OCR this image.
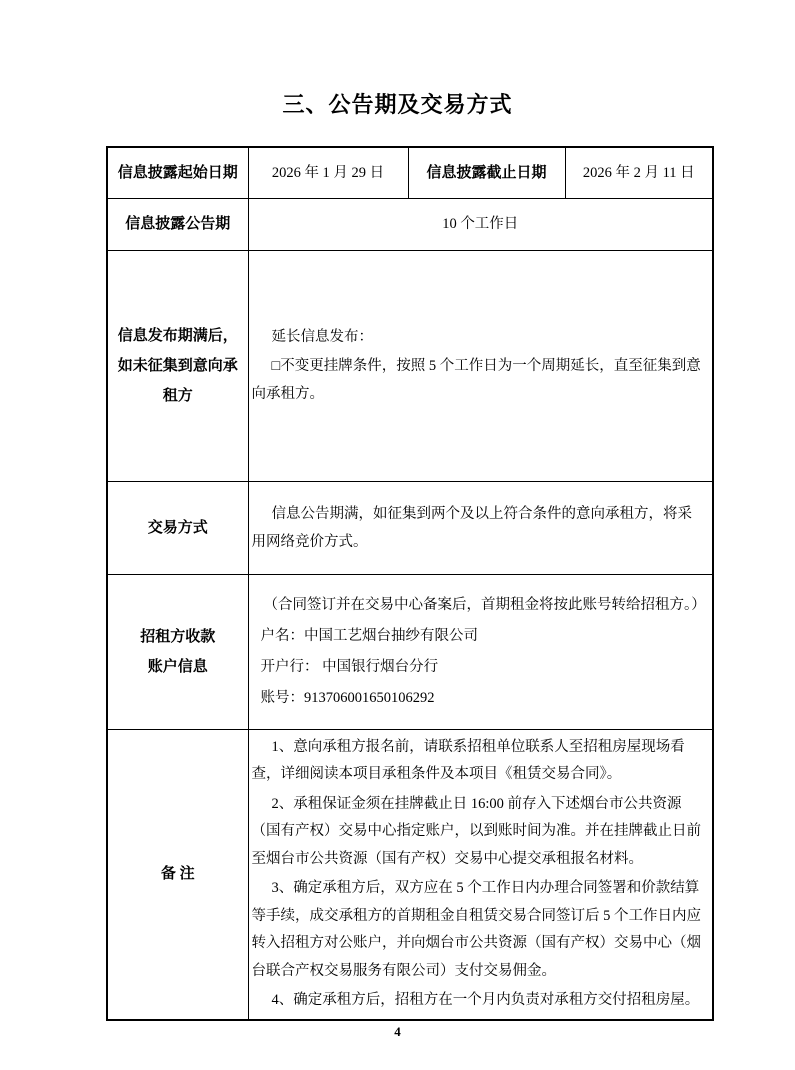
三、公告期及交易方式
信息披露起始日期	2026 年 1 月 29 日	信息披露截止日期	2026 年 2 月 11 日
信息披露公告期	10 个工作日		
信息发布期满后，如未征集到意向承租方	延长信息发布：

□不变更挂牌条件，按照 5 个工作日为一个周期延长，直至征集到意向承租方。		

交易方式	信息公告期满，如征集到两个及以上符合条件的意向承租方，将采用网络竞价方式。		

招租方收款
账户信息

（合同签订并在交易中心备案后，首期租金将按此账号转给招租方。）

户名：中国工艺烟台抽纱有限公司

开户行： 中国银行烟台分行

账号：913706001650106292

备 注	1、意向承租方报名前，请联系招租单位联系人至招租房屋现场看查，详细阅读本项目承租条件及本项目《租赁交易合同》。

2、承租保证金须在挂牌截止日 16:00 前存入下述烟台市公共资源（国有产权）交易中心指定账户，以到账时间为准。并在挂牌截止日前至烟台市公共资源（国有产权）交易中心提交承租报名材料。

3、确定承租方后，双方应在 5 个工作日内办理合同签署和价款结算等手续，成交承租方的首期租金自租赁交易合同签订后 5 个工作日内应转入招租方对公账户，并向烟台市公共资源（国有产权）交易中心（烟台联合产权交易服务有限公司）支付交易佣金。

4、确定承租方后，招租方在一个月内负责对承租方交付招租房屋。		

4
